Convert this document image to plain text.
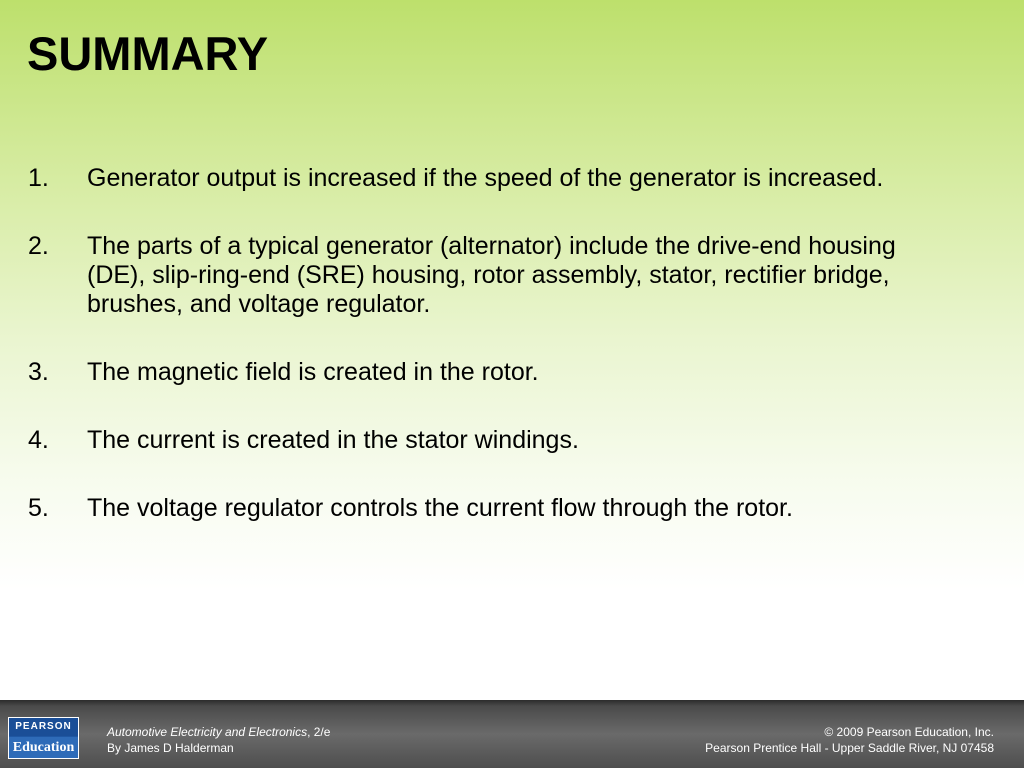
SUMMARY
1.	Generator output is increased if the speed of the generator is increased.
2.	The parts of a typical generator (alternator) include the drive-end housing (DE), slip-ring-end (SRE) housing, rotor assembly, stator, rectifier bridge, brushes, and voltage regulator.
3.	The magnetic field is created in the rotor.
4.	The current is created in the stator windings.
5.	The voltage regulator controls the current flow through the rotor.
PEARSON
Education
Automotive Electricity and Electronics, 2/e
By James D Halderman
© 2009 Pearson Education, Inc.
Pearson Prentice Hall - Upper Saddle River, NJ 07458
